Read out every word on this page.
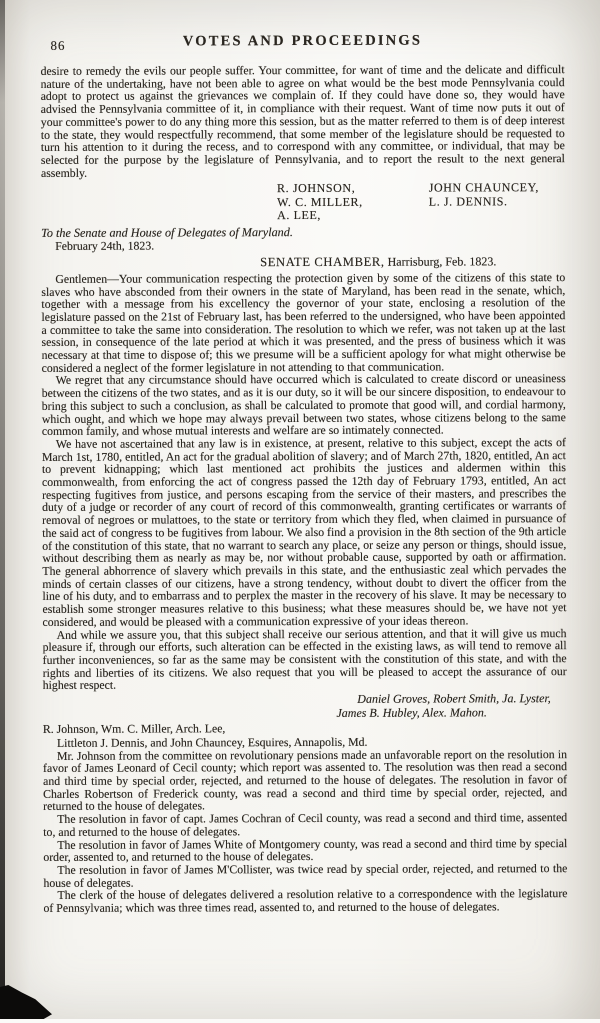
86	VOTES AND PROCEEDINGS

desire to remedy the evils our people suffer. Your committee, for want of time and the delicate and difficult nature of the undertaking, have not been able to agree on what would be the best mode Pennsylvania could adopt to protect us against the grievances we complain of. If they could have done so, they would have advised the Pennsylvania committee of it, in compliance with their request. Want of time now puts it out of your committee's power to do any thing more this session, but as the matter referred to them is of deep interest to the state, they would respectfully recommend, that some member of the legislature should be requested to turn his attention to it during the recess, and to correspond with any committee, or individual, that may be selected for the purpose by the legislature of Pennsylvania, and to report the result to the next general assembly.

R. JOHNSON,
W. C. MILLER,
A. LEE,
JOHN CHAUNCEY,
L. J. DENNIS.

To the Senate and House of Delegates of Maryland.

February 24th, 1823.

SENATE CHAMBER, Harrisburg, Feb. 1823.

Gentlemen—Your communication respecting the protection given by some of the citizens of this state to slaves who have absconded from their owners in the state of Maryland, has been read in the senate, which, together with a message from his excellency the governor of your state, enclosing a resolution of the legislature passed on the 21st of February last, has been referred to the undersigned, who have been appointed a committee to take the same into consideration. The resolution to which we refer, was not taken up at the last session, in consequence of the late period at which it was presented, and the press of business which it was necessary at that time to dispose of; this we presume will be a sufficient apology for what might otherwise be considered a neglect of the former legislature in not attending to that communication.

We regret that any circumstance should have occurred which is calculated to create discord or uneasiness between the citizens of the two states, and as it is our duty, so it will be our sincere disposition, to endeavour to bring this subject to such a conclusion, as shall be calculated to promote that good will, and cordial harmony, which ought, and which we hope may always prevail between two states, whose citizens belong to the same common family, and whose mutual interests and welfare are so intimately connected.

We have not ascertained that any law is in existence, at present, relative to this subject, except the acts of March 1st, 1780, entitled, An act for the gradual abolition of slavery; and of March 27th, 1820, entitled, An act to prevent kidnapping; which last mentioned act prohibits the justices and aldermen within this commonwealth, from enforcing the act of congress passed the 12th day of February 1793, entitled, An act respecting fugitives from justice, and persons escaping from the service of their masters, and prescribes the duty of a judge or recorder of any court of record of this commonwealth, granting certificates or warrants of removal of negroes or mulattoes, to the state or territory from which they fled, when claimed in pursuance of the said act of congress to be fugitives from labour. We also find a provision in the 8th section of the 9th article of the constitution of this state, that no warrant to search any place, or seize any person or things, should issue, without describing them as nearly as may be, nor without probable cause, supported by oath or affirmation. The general abhorrence of slavery which prevails in this state, and the enthusiastic zeal which pervades the minds of certain classes of our citizens, have a strong tendency, without doubt to divert the officer from the line of his duty, and to embarrass and to perplex the master in the recovery of his slave. It may be necessary to establish some stronger measures relative to this business; what these measures should be, we have not yet considered, and would be pleased with a communication expressive of your ideas thereon.

And while we assure you, that this subject shall receive our serious attention, and that it will give us much pleasure if, through our efforts, such alteration can be effected in the existing laws, as will tend to remove all further inconveniences, so far as the same may be consistent with the constitution of this state, and with the rights and liberties of its citizens. We also request that you will be pleased to accept the assurance of our highest respect.

Daniel Groves, Robert Smith, Ja. Lyster,
James B. Hubley, Alex. Mahon.

R. Johnson, Wm. C. Miller, Arch. Lee,

Littleton J. Dennis, and John Chauncey, Esquires, Annapolis, Md.

Mr. Johnson from the committee on revolutionary pensions made an unfavorable report on the resolution in favor of James Leonard of Cecil county; which report was assented to. The resolution was then read a second and third time by special order, rejected, and returned to the house of delegates. The resolution in favor of Charles Robertson of Frederick county, was read a second and third time by special order, rejected, and returned to the house of delegates.

The resolution in favor of capt. James Cochran of Cecil county, was read a second and third time, assented to, and returned to the house of delegates.

The resolution in favor of James White of Montgomery county, was read a second and third time by special order, assented to, and returned to the house of delegates.

The resolution in favor of James M'Collister, was twice read by special order, rejected, and returned to the house of delegates.

The clerk of the house of delegates delivered a resolution relative to a correspondence with the legislature of Pennsylvania; which was three times read, assented to, and returned to the house of delegates.
